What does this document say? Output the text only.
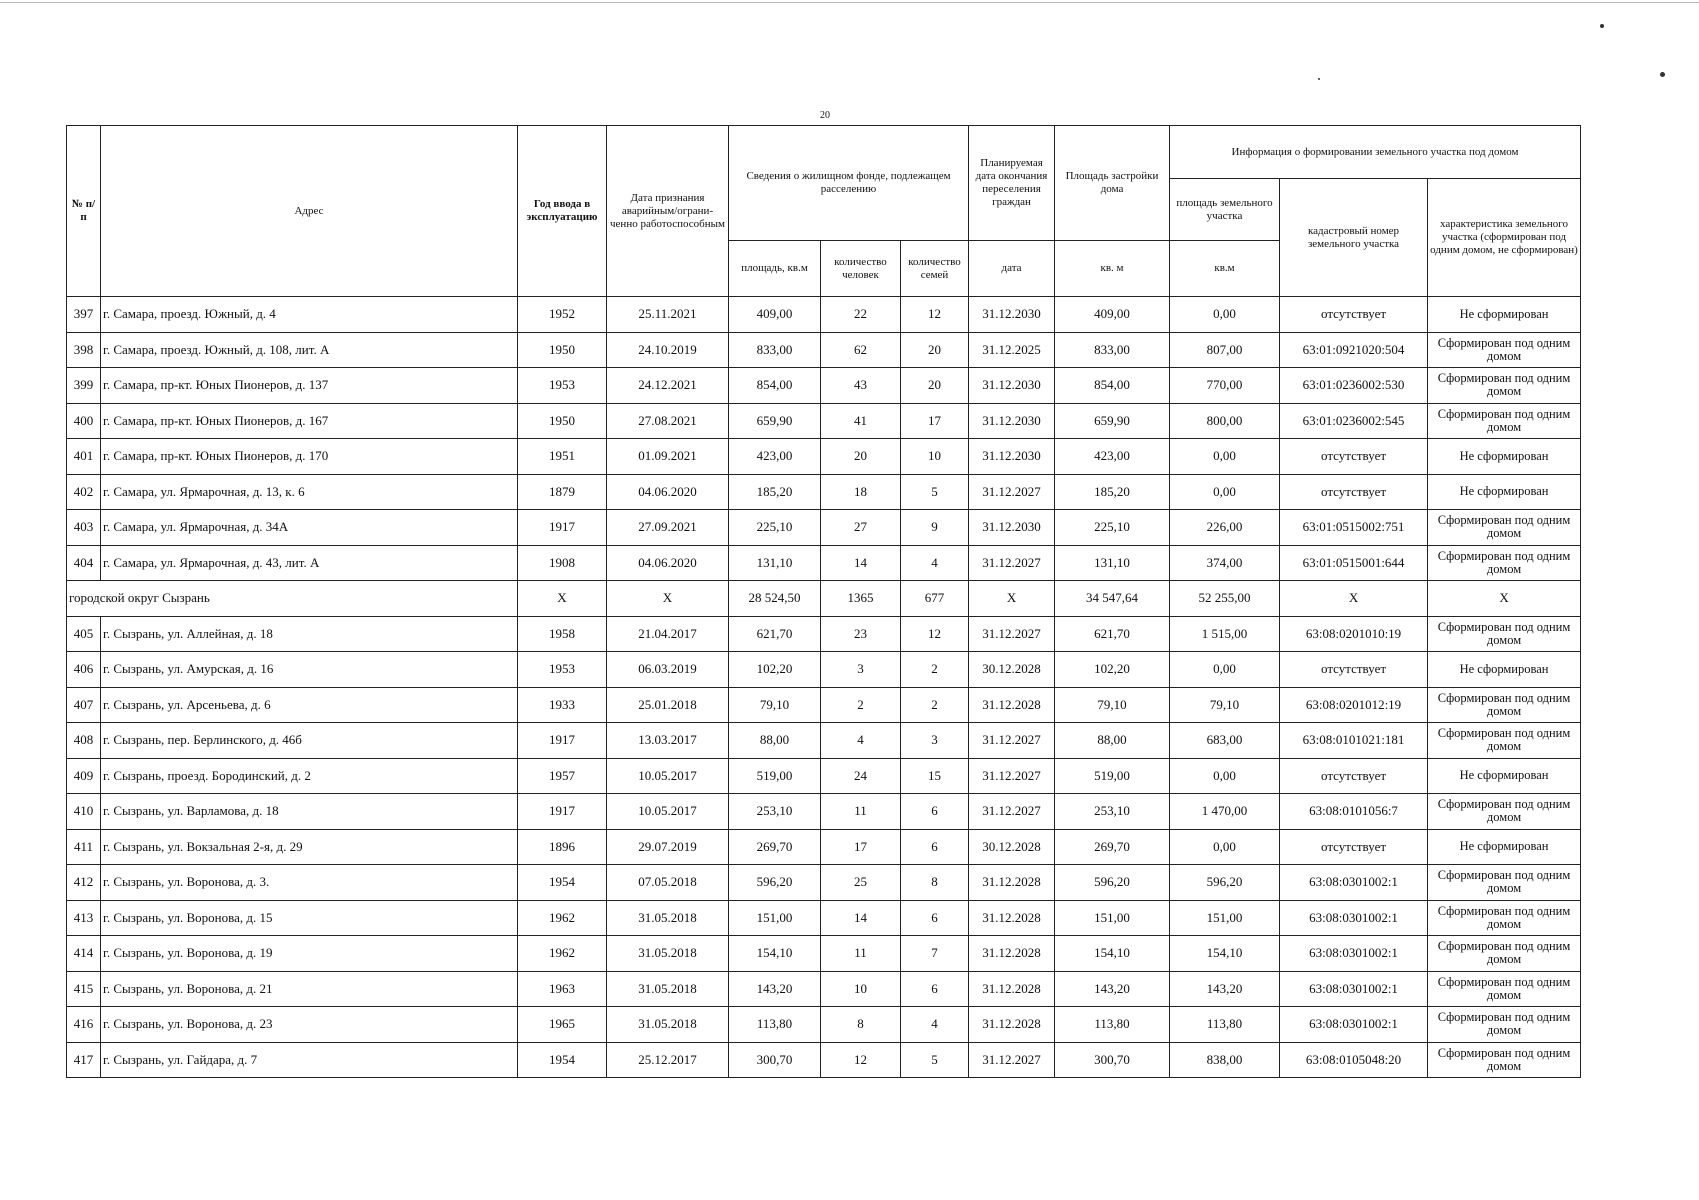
20
№ п/п	Адрес	Год ввода в эксплуатацию	Дата признания аварийным/ограни-ченно работоспособным	Сведения о жилищном фонде, подлежащем расселению			Планируемая дата окончания переселения граждан	Площадь застройки дома	Информация о формировании земельного участка под домом		
									площадь земельного участка	кадастровый номер земельного участка	характеристика земельного участка (сформирован под одним домом, не сформирован)
				площадь, кв.м	количество человек	количество семей	дата	кв. м	кв.м		
397	г. Самара, проезд. Южный, д. 4	1952	25.11.2021	409,00	22	12	31.12.2030	409,00	0,00	отсутствует	Не сформирован
398	г. Самара, проезд. Южный, д. 108, лит. А	1950	24.10.2019	833,00	62	20	31.12.2025	833,00	807,00	63:01:0921020:504	Сформирован под одним домом
399	г. Самара, пр-кт. Юных Пионеров, д. 137	1953	24.12.2021	854,00	43	20	31.12.2030	854,00	770,00	63:01:0236002:530	Сформирован под одним домом
400	г. Самара, пр-кт. Юных Пионеров, д. 167	1950	27.08.2021	659,90	41	17	31.12.2030	659,90	800,00	63:01:0236002:545	Сформирован под одним домом
401	г. Самара, пр-кт. Юных Пионеров, д. 170	1951	01.09.2021	423,00	20	10	31.12.2030	423,00	0,00	отсутствует	Не сформирован
402	г. Самара, ул. Ярмарочная, д. 13, к. 6	1879	04.06.2020	185,20	18	5	31.12.2027	185,20	0,00	отсутствует	Не сформирован
403	г. Самара, ул. Ярмарочная, д. 34А	1917	27.09.2021	225,10	27	9	31.12.2030	225,10	226,00	63:01:0515002:751	Сформирован под одним домом
404	г. Самара, ул. Ярмарочная, д. 43, лит. А	1908	04.06.2020	131,10	14	4	31.12.2027	131,10	374,00	63:01:0515001:644	Сформирован под одним домом
городской округ Сызрань		X	X	28 524,50	1365	677	X	34 547,64	52 255,00	X	X
405	г. Сызрань, ул. Аллейная, д. 18	1958	21.04.2017	621,70	23	12	31.12.2027	621,70	1 515,00	63:08:0201010:19	Сформирован под одним домом
406	г. Сызрань, ул. Амурская, д. 16	1953	06.03.2019	102,20	3	2	30.12.2028	102,20	0,00	отсутствует	Не сформирован
407	г. Сызрань, ул. Арсеньева, д. 6	1933	25.01.2018	79,10	2	2	31.12.2028	79,10	79,10	63:08:0201012:19	Сформирован под одним домом
408	г. Сызрань, пер. Берлинского, д. 46б	1917	13.03.2017	88,00	4	3	31.12.2027	88,00	683,00	63:08:0101021:181	Сформирован под одним домом
409	г. Сызрань, проезд. Бородинский, д. 2	1957	10.05.2017	519,00	24	15	31.12.2027	519,00	0,00	отсутствует	Не сформирован
410	г. Сызрань, ул. Варламова, д. 18	1917	10.05.2017	253,10	11	6	31.12.2027	253,10	1 470,00	63:08:0101056:7	Сформирован под одним домом
411	г. Сызрань, ул. Вокзальная 2-я, д. 29	1896	29.07.2019	269,70	17	6	30.12.2028	269,70	0,00	отсутствует	Не сформирован
412	г. Сызрань, ул. Воронова, д. 3.	1954	07.05.2018	596,20	25	8	31.12.2028	596,20	596,20	63:08:0301002:1	Сформирован под одним домом
413	г. Сызрань, ул. Воронова, д. 15	1962	31.05.2018	151,00	14	6	31.12.2028	151,00	151,00	63:08:0301002:1	Сформирован под одним домом
414	г. Сызрань, ул. Воронова, д. 19	1962	31.05.2018	154,10	11	7	31.12.2028	154,10	154,10	63:08:0301002:1	Сформирован под одним домом
415	г. Сызрань, ул. Воронова, д. 21	1963	31.05.2018	143,20	10	6	31.12.2028	143,20	143,20	63:08:0301002:1	Сформирован под одним домом
416	г. Сызрань, ул. Воронова, д. 23	1965	31.05.2018	113,80	8	4	31.12.2028	113,80	113,80	63:08:0301002:1	Сформирован под одним домом
417	г. Сызрань, ул. Гайдара, д. 7	1954	25.12.2017	300,70	12	5	31.12.2027	300,70	838,00	63:08:0105048:20	Сформирован под одним домом
